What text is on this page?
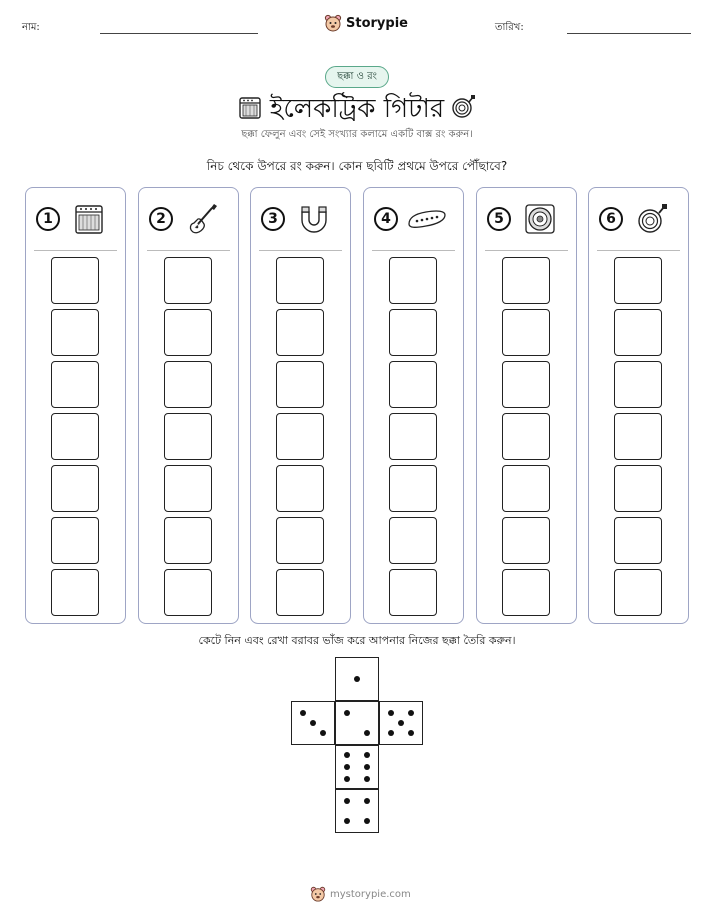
নাম:	Storypie	তারিখ:
ছক্কা ও রং
ইলেকট্রিক গিটার
ছক্কা ফেলুন এবং সেই সংখ্যার কলামে একটি বাক্স রং করুন।
নিচ থেকে উপরে রং করুন। কোন ছবিটি প্রথমে উপরে পৌঁছাবে?
1	2	3	4	5	6
কেটে নিন এবং রেখা বরাবর ভাঁজ করে আপনার নিজের ছক্কা তৈরি করুন।
mystorypie.com
